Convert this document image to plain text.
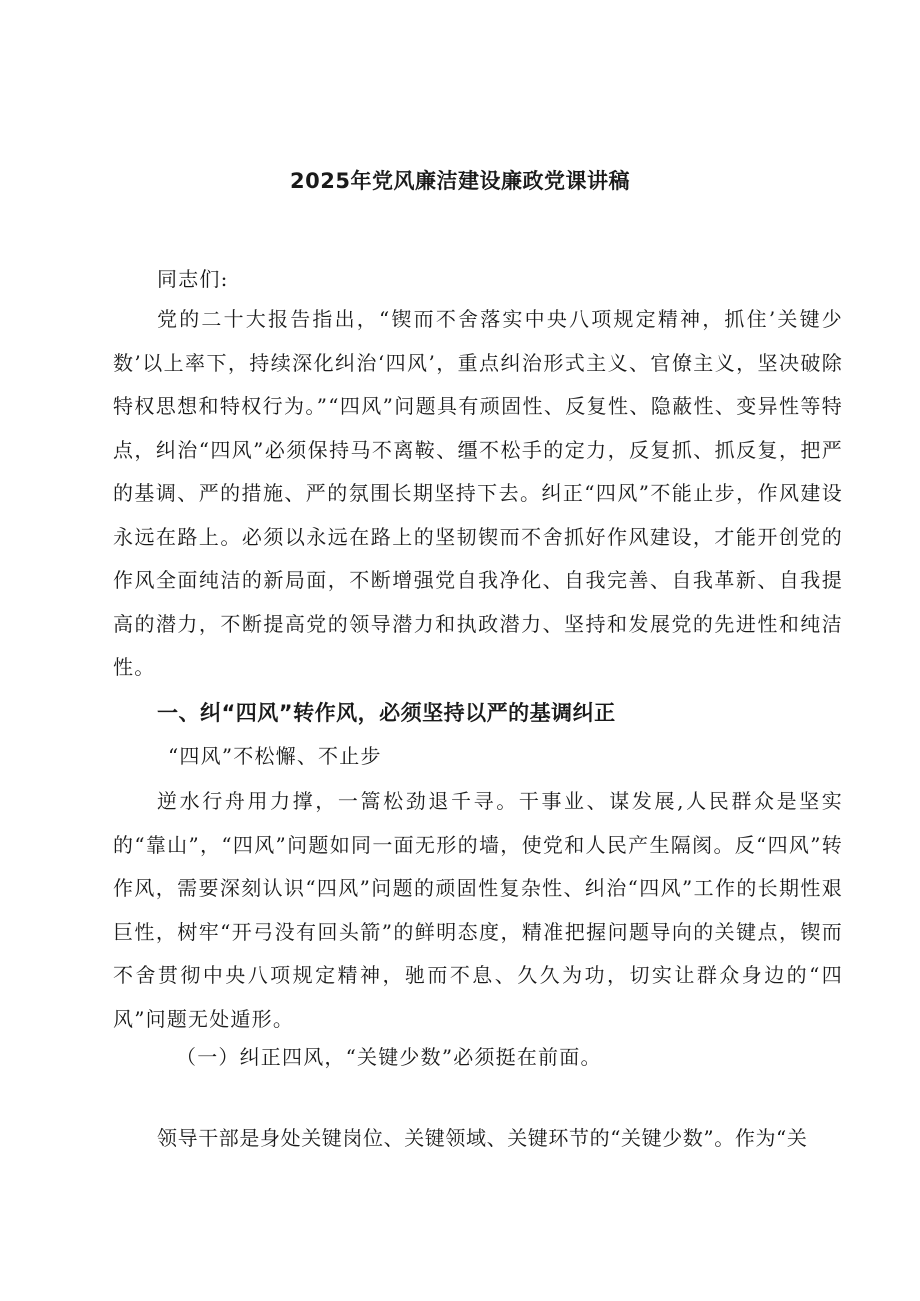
2025年党风廉洁建设廉政党课讲稿

同志们:

党的二十大报告指出，“锲而不舍落实中央八项规定精神，抓住’关键少数’以上率下，持续深化纠治‘四风’，重点纠治形式主义、官僚主义，坚决破除特权思想和特权行为。”“四风”问题具有顽固性、反复性、隐蔽性、变异性等特点，纠治“四风”必须保持马不离鞍、缰不松手的定力，反复抓、抓反复，把严的基调、严的措施、严的氛围长期坚持下去。纠正“四风”不能止步，作风建设永远在路上。必须以永远在路上的坚韧锲而不舍抓好作风建设，才能开创党的作风全面纯洁的新局面，不断增强党自我净化、自我完善、自我革新、自我提高的潜力，不断提高党的领导潜力和执政潜力、坚持和发展党的先进性和纯洁性。

一、纠“四风”转作风，必须坚持以严的基调纠正

“四风”不松懈、不止步

逆水行舟用力撑，一篙松劲退千寻。干事业、谋发展,人民群众是坚实的“靠山”，“四风”问题如同一面无形的墙，使党和人民产生隔阂。反“四风”转作风，需要深刻认识“四风”问题的顽固性复杂性、纠治“四风”工作的长期性艰巨性，树牢“开弓没有回头箭”的鲜明态度，精准把握问题导向的关键点，锲而不舍贯彻中央八项规定精神，驰而不息、久久为功，切实让群众身边的“四风”问题无处遁形。

（一）纠正四风，“关键少数”必须挺在前面。

领导干部是身处关键岗位、关键领域、关键环节的“关键少数”。作为“关
